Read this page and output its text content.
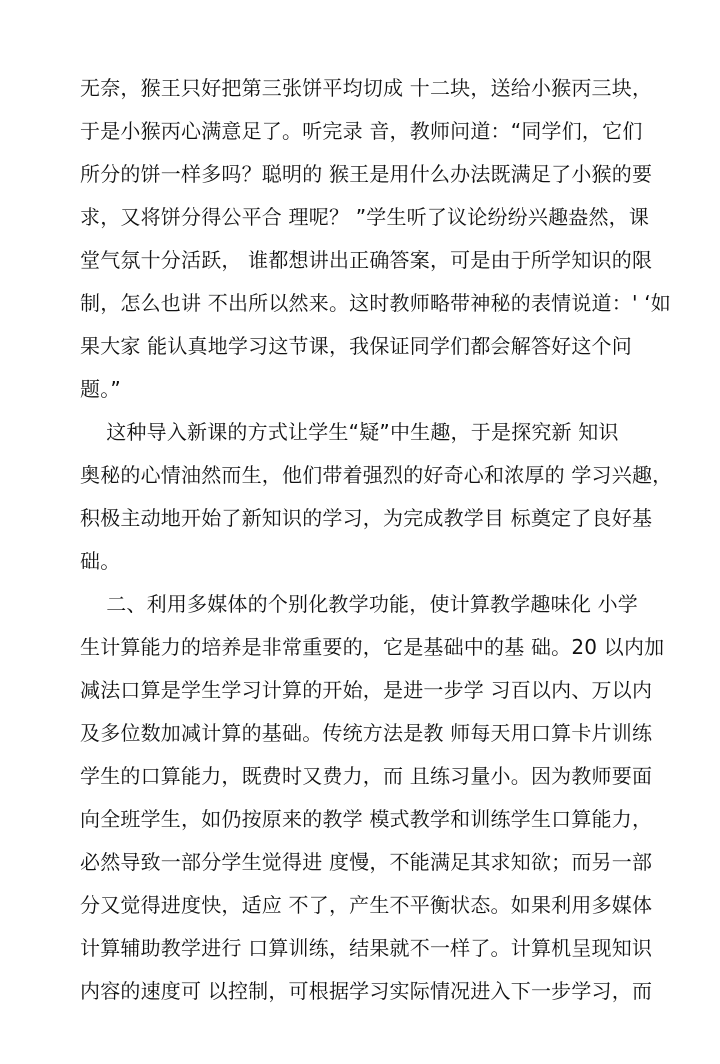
无奈，猴王只好把第三张饼平均切成 十二块，送给小猴丙三块，
于是小猴丙心满意足了。听完录 音，教师问道：“同学们，它们
所分的饼一样多吗？聪明的 猴王是用什么办法既满足了小猴的要
求，又将饼分得公平合 理呢？ ”学生听了议论纷纷兴趣盎然，课
堂气氛十分活跃， 谁都想讲出正确答案，可是由于所学知识的限
制，怎么也讲 不出所以然来。这时教师略带神秘的表情说道：' ‘如
果大家 能认真地学习这节课，我保证同学们都会解答好这个问
题。”
这种导入新课的方式让学生“疑”中生趣，于是探究新 知识
奥秘的心情油然而生，他们带着强烈的好奇心和浓厚的 学习兴趣，
积极主动地开始了新知识的学习，为完成教学目 标奠定了良好基
础。
二、利用多媒体的个别化教学功能，使计算教学趣味化 小学
生计算能力的培养是非常重要的，它是基础中的基 础。20 以内加
减法口算是学生学习计算的开始，是进一步学 习百以内、万以内
及多位数加减计算的基础。传统方法是教 师每天用口算卡片训练
学生的口算能力，既费时又费力，而 且练习量小。因为教师要面
向全班学生，如仍按原来的教学 模式教学和训练学生口算能力，
必然导致一部分学生觉得进 度慢，不能满足其求知欲；而另一部
分又觉得进度快，适应 不了，产生不平衡状态。如果利用多媒体
计算辅助教学进行 口算训练，结果就不一样了。计算机呈现知识
内容的速度可 以控制，可根据学习实际情况进入下一步学习，而
